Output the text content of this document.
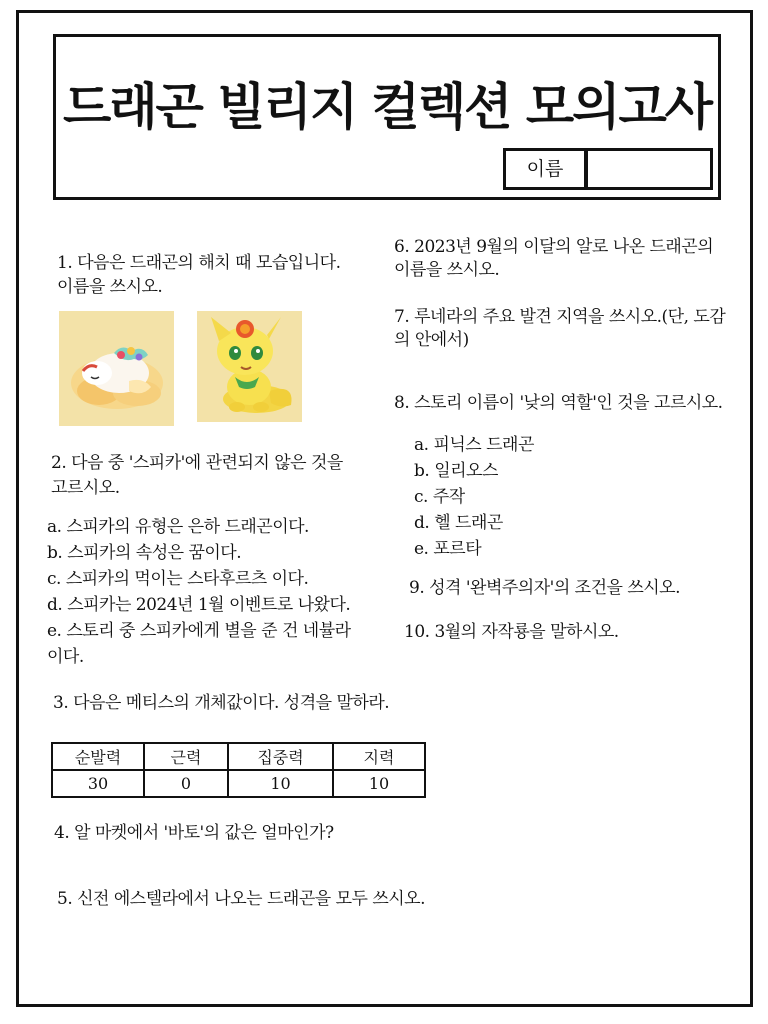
드래곤 빌리지 컬렉션 모의고사
이름
1. 다음은 드래곤의 해치 때 모습입니다.
이름을 쓰시오.
2. 다음 중 '스피카'에 관련되지 않은 것을
고르시오.
a. 스피카의 유형은 은하 드래곤이다.
b. 스피카의 속성은 꿈이다.
c. 스피카의 먹이는 스타후르츠 이다.
d. 스피카는 2024년 1월 이벤트로 나왔다.
e. 스토리 중 스피카에게 별을 준 건 네뷸라
이다.
3. 다음은 메티스의 개체값이다. 성격을 말하라.
순발력	근력	집중력	지력
30	0	10	10
4. 알 마켓에서 '바토'의 값은 얼마인가?
5. 신전 에스텔라에서 나오는 드래곤을 모두 쓰시오.
6. 2023년 9월의 이달의 알로 나온 드래곤의
이름을 쓰시오.
7. 루네라의 주요 발견 지역을 쓰시오.(단, 도감
의 안에서)
8. 스토리 이름이 '낮의 역할'인 것을 고르시오.
a. 피닉스 드래곤
b. 일리오스
c. 주작
d. 헬 드래곤
e. 포르타
9. 성격 '완벽주의자'의 조건을 쓰시오.
10. 3월의 자작룡을 말하시오.
